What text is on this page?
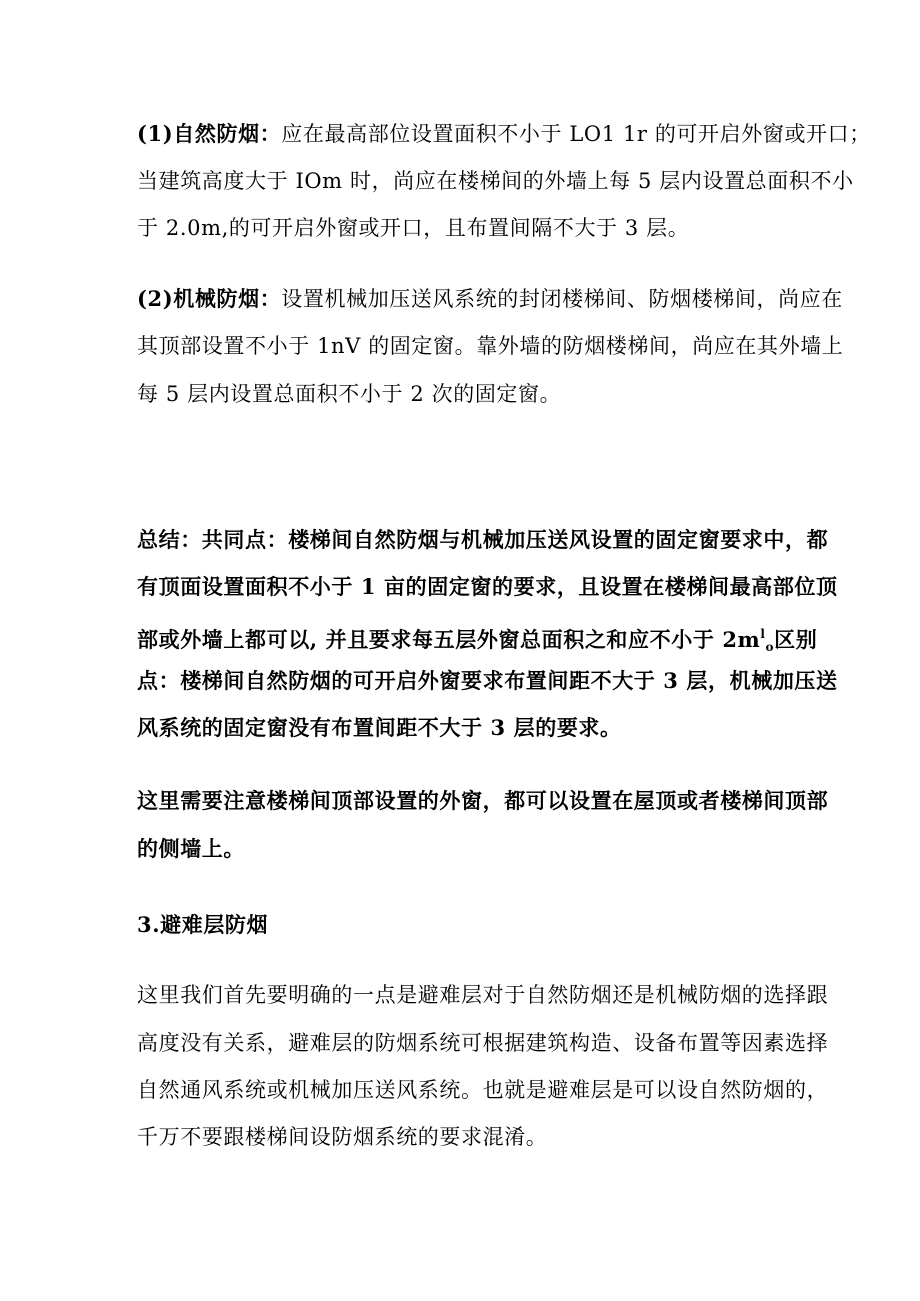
(1)自然防烟：应在最高部位设置面积不小于 LO1 1r 的可开启外窗或开口；
当建筑高度大于 IOm 时，尚应在楼梯间的外墙上每 5 层内设置总面积不小
于 2.0m,的可开启外窗或开口，且布置间隔不大于 3 层。
(2)机械防烟：设置机械加压送风系统的封闭楼梯间、防烟楼梯间，尚应在
其顶部设置不小于 1nV 的固定窗。靠外墙的防烟楼梯间，尚应在其外墙上
每 5 层内设置总面积不小于 2 次的固定窗。
总结：共同点：楼梯间自然防烟与机械加压送风设置的固定窗要求中，都
有顶面设置面积不小于 1 亩的固定窗的要求，且设置在楼梯间最高部位顶
部或外墙上都可以, 并且要求每五层外窗总面积之和应不小于 $2m^l_o$区别
点：楼梯间自然防烟的可开启外窗要求布置间距不大于 3 层，机械加压送
风系统的固定窗没有布置间距不大于 3 层的要求。
这里需要注意楼梯间顶部设置的外窗，都可以设置在屋顶或者楼梯间顶部
的侧墙上。
3.避难层防烟
这里我们首先要明确的一点是避难层对于自然防烟还是机械防烟的选择跟
高度没有关系，避难层的防烟系统可根据建筑构造、设备布置等因素选择
自然通风系统或机械加压送风系统。也就是避难层是可以设自然防烟的，
千万不要跟楼梯间设防烟系统的要求混淆。
